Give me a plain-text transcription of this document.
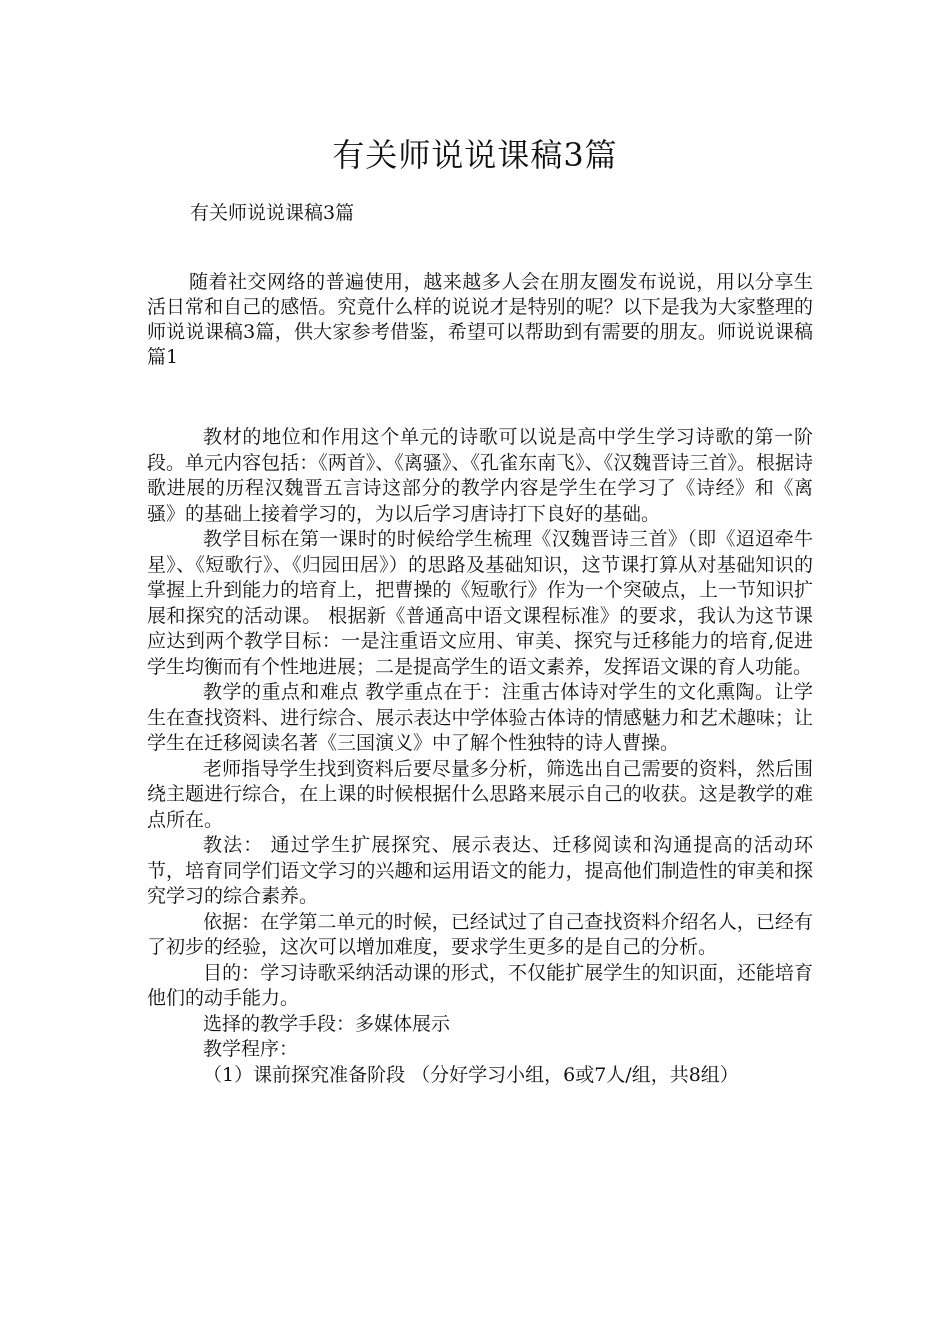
有关师说说课稿3篇
有关师说说课稿3篇

随着社交网络的普遍使用，越来越多人会在朋友圈发布说说，用以分享生活日常和自己的感悟。究竟什么样的说说才是特别的呢？以下是我为大家整理的师说说课稿3篇，供大家参考借鉴，希望可以帮助到有需要的朋友。师说说课稿 篇1

教材的地位和作用这个单元的诗歌可以说是高中学生学习诗歌的第一阶段。单元内容包括：《两首》、《离骚》、《孔雀东南飞》、《汉魏晋诗三首》。根据诗歌进展的历程汉魏晋五言诗这部分的教学内容是学生在学习了《诗经》和《离骚》的基础上接着学习的，为以后学习唐诗打下良好的基础。

教学目标在第一课时的时候给学生梳理《汉魏晋诗三首》（即《迢迢牵牛星》、《短歌行》、《归园田居》）的思路及基础知识，这节课打算从对基础知识的掌握上升到能力的培育上，把曹操的《短歌行》作为一个突破点，上一节知识扩展和探究的活动课。 根据新《普通高中语文课程标准》的要求，我认为这节课应达到两个教学目标：一是注重语文应用、审美、探究与迁移能力的培育,促进学生均衡而有个性地进展；二是提高学生的语文素养，发挥语文课的育人功能。

教学的重点和难点 教学重点在于：注重古体诗对学生的文化熏陶。让学生在查找资料、进行综合、展示表达中学体验古体诗的情感魅力和艺术趣味；让学生在迁移阅读名著《三国演义》中了解个性独特的诗人曹操。

老师指导学生找到资料后要尽量多分析，筛选出自己需要的资料，然后围绕主题进行综合，在上课的时候根据什么思路来展示自己的收获。这是教学的难点所在。

教法： 通过学生扩展探究、展示表达、迁移阅读和沟通提高的活动环节，培育同学们语文学习的兴趣和运用语文的能力，提高他们制造性的审美和探究学习的综合素养。

依据：在学第二单元的时候，已经试过了自己查找资料介绍名人，已经有了初步的经验，这次可以增加难度，要求学生更多的是自己的分析。

目的：学习诗歌采纳活动课的形式，不仅能扩展学生的知识面，还能培育他们的动手能力。

选择的教学手段：多媒体展示

教学程序：

（1）课前探究准备阶段 （分好学习小组，6或7人/组，共8组）
